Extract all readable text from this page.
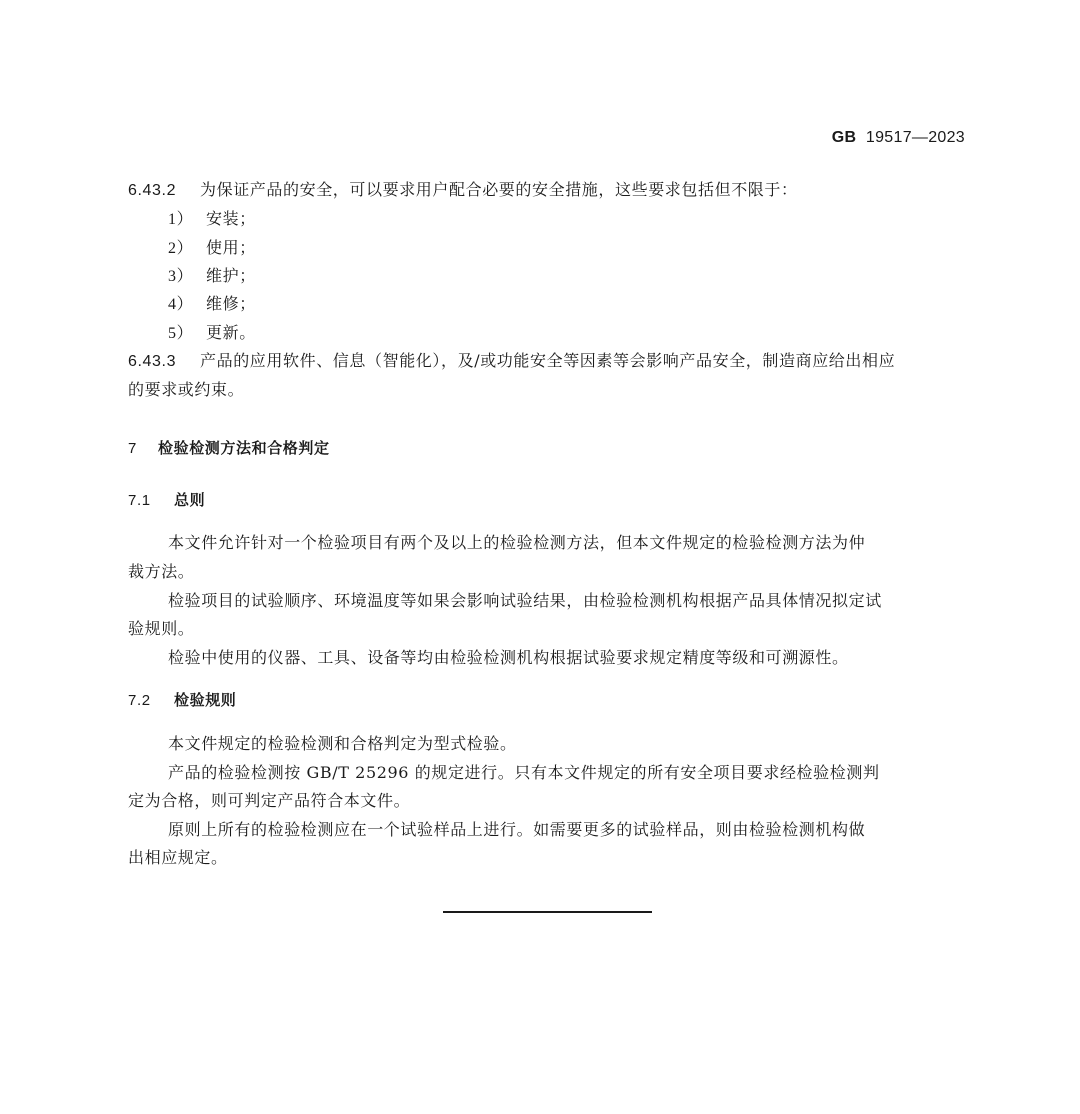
GB 19517—2023
6.43.2 为保证产品的安全，可以要求用户配合必要的安全措施，这些要求包括但不限于：
1） 安装；
2） 使用；
3） 维护；
4） 维修；
5） 更新。
6.43.3 产品的应用软件、信息（智能化），及/或功能安全等因素等会影响产品安全，制造商应给出相应
的要求或约束。
7 检验检测方法和合格判定
7.1 总则
本文件允许针对一个检验项目有两个及以上的检验检测方法，但本文件规定的检验检测方法为仲
裁方法。
检验项目的试验顺序、环境温度等如果会影响试验结果，由检验检测机构根据产品具体情况拟定试
验规则。
检验中使用的仪器、工具、设备等均由检验检测机构根据试验要求规定精度等级和可溯源性。
7.2 检验规则
本文件规定的检验检测和合格判定为型式检验。
产品的检验检测按 GB/T 25296 的规定进行。只有本文件规定的所有安全项目要求经检验检测判
定为合格，则可判定产品符合本文件。
原则上所有的检验检测应在一个试验样品上进行。如需要更多的试验样品，则由检验检测机构做
出相应规定。
